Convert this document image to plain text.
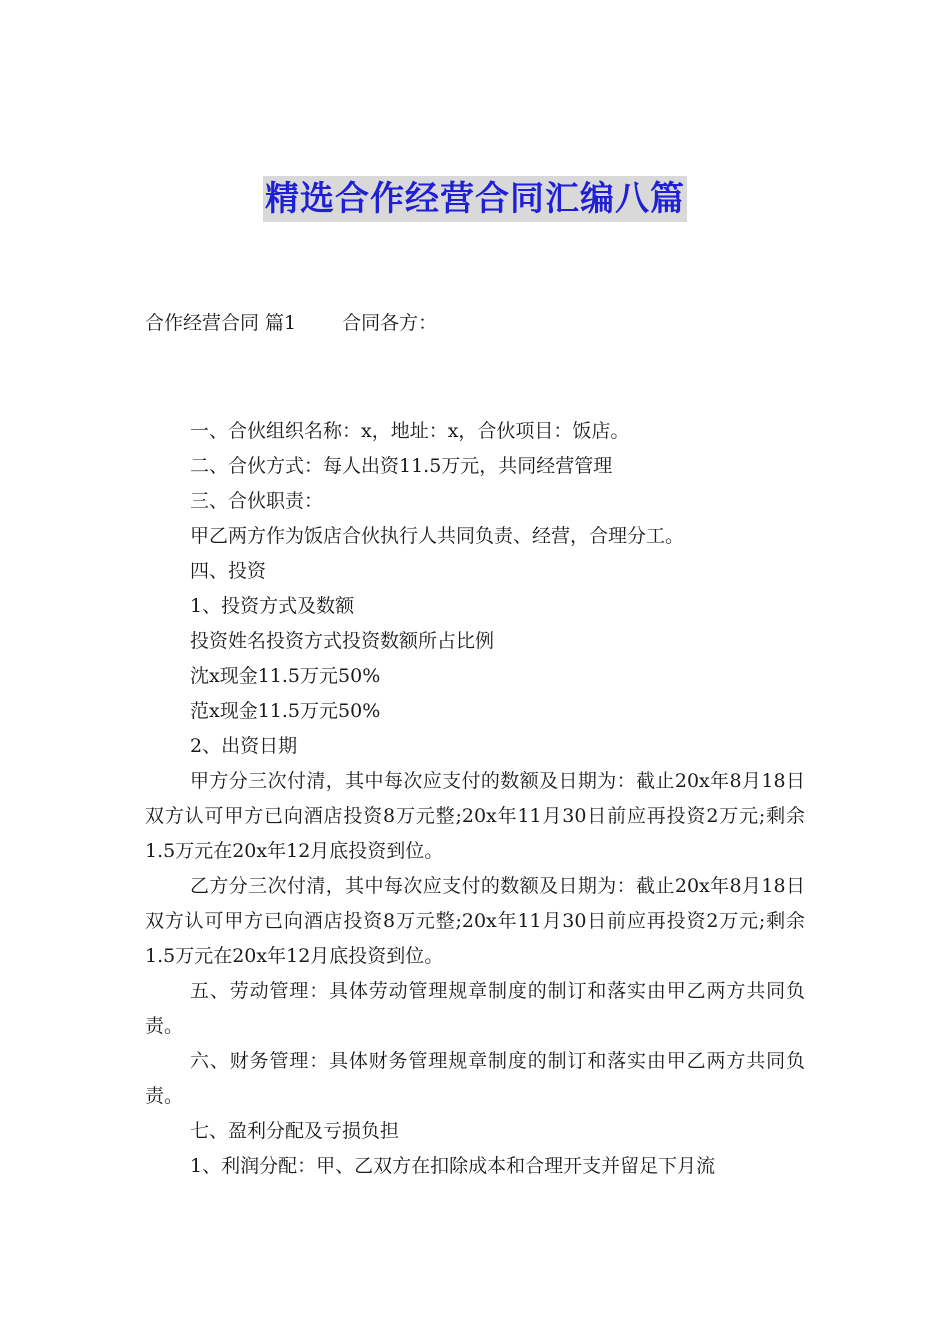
精选合作经营合同汇编八篇
合作经营合同 篇1 合同各方：

一、合伙组织名称：x，地址：x，合伙项目：饭店。

二、合伙方式：每人出资11.5万元，共同经营管理

三、合伙职责：

甲乙两方作为饭店合伙执行人共同负责、经营，合理分工。

四、投资

1、投资方式及数额

投资姓名投资方式投资数额所占比例

沈x现金11.5万元50%

范x现金11.5万元50%

2、出资日期

甲方分三次付清，其中每次应支付的数额及日期为：截止20x年8月18日双方认可甲方已向酒店投资8万元整;20x年11月30日前应再投资2万元;剩余1.5万元在20x年12月底投资到位。

乙方分三次付清，其中每次应支付的数额及日期为：截止20x年8月18日双方认可甲方已向酒店投资8万元整;20x年11月30日前应再投资2万元;剩余1.5万元在20x年12月底投资到位。

五、劳动管理：具体劳动管理规章制度的制订和落实由甲乙两方共同负责。

六、财务管理：具体财务管理规章制度的制订和落实由甲乙两方共同负责。

七、盈利分配及亏损负担

1、利润分配：甲、乙双方在扣除成本和合理开支并留足下月流
